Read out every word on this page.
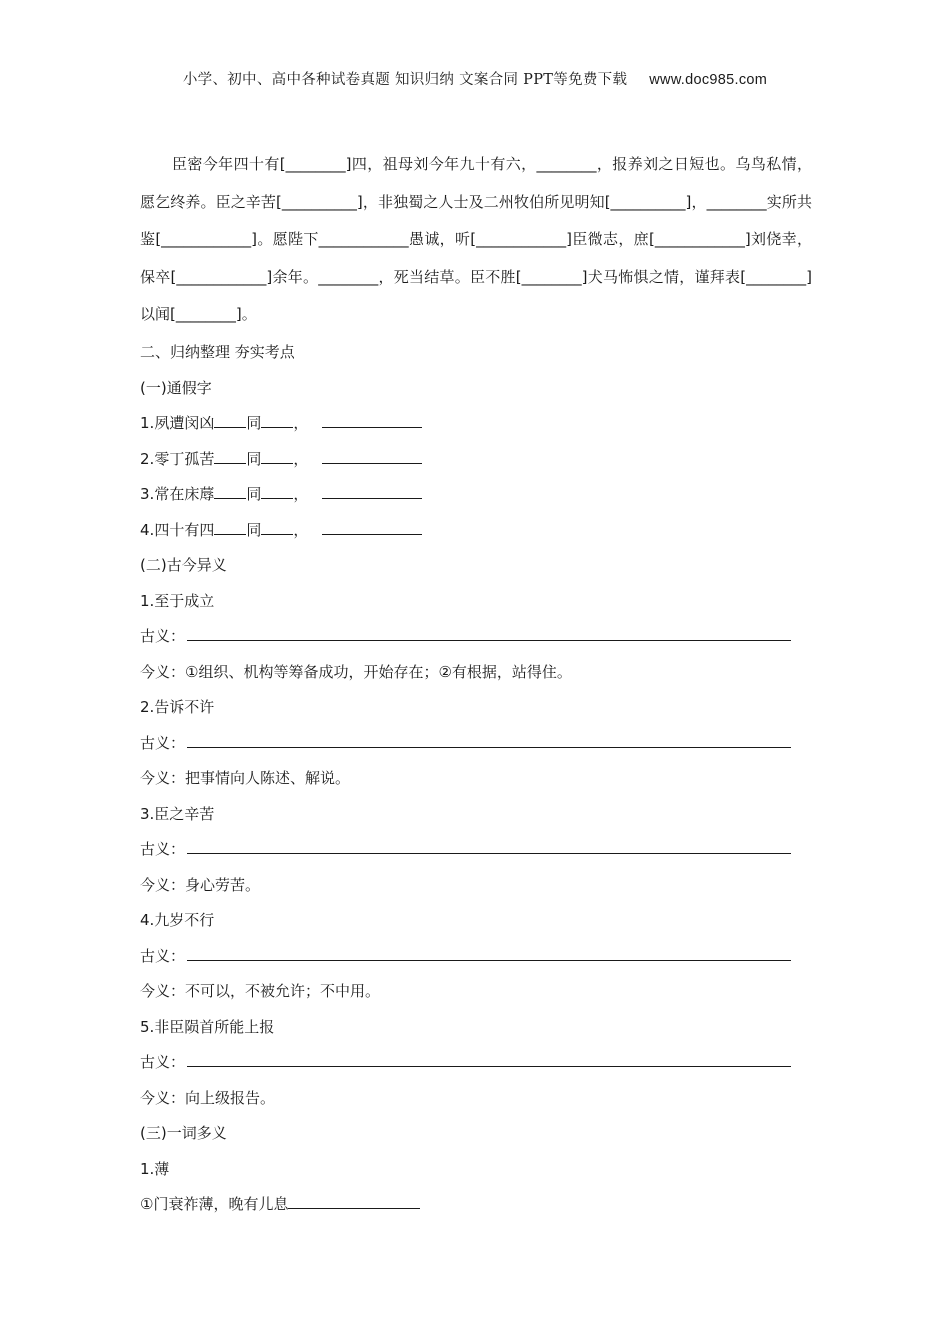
小学、初中、高中各种试卷真题 知识归纳 文案合同 PPT等免费下载 www.doc985.com

臣密今年四十有[________]四，祖母刘今年九十有六，________，报养刘之日短也。乌鸟私情，愿乞终养。臣之辛苦[__________]，非独蜀之人士及二州牧伯所见明知[__________]，________实所共鉴[____________]。愿陛下____________愚诚，听[____________]臣微志，庶[____________]刘侥幸，保卒[____________]余年。________，死当结草。臣不胜[________]犬马怖惧之情，谨拜表[________]以闻[________]。

二、归纳整理 夯实考点
(一)通假字
1.夙遭闵凶 同 ，
2.零丁孤苦 同 ，
3.常在床蓐 同 ，
4.四十有四 同 ，
(二)古今异义
1.至于成立
古义：
今义：①组织、机构等筹备成功，开始存在；②有根据，站得住。
2.告诉不许
古义：
今义：把事情向人陈述、解说。
3.臣之辛苦
古义：
今义：身心劳苦。
4.九岁不行
古义：
今义：不可以，不被允许；不中用。
5.非臣陨首所能上报
古义：
今义：向上级报告。
(三)一词多义
1.薄
①门衰祚薄，晚有儿息
